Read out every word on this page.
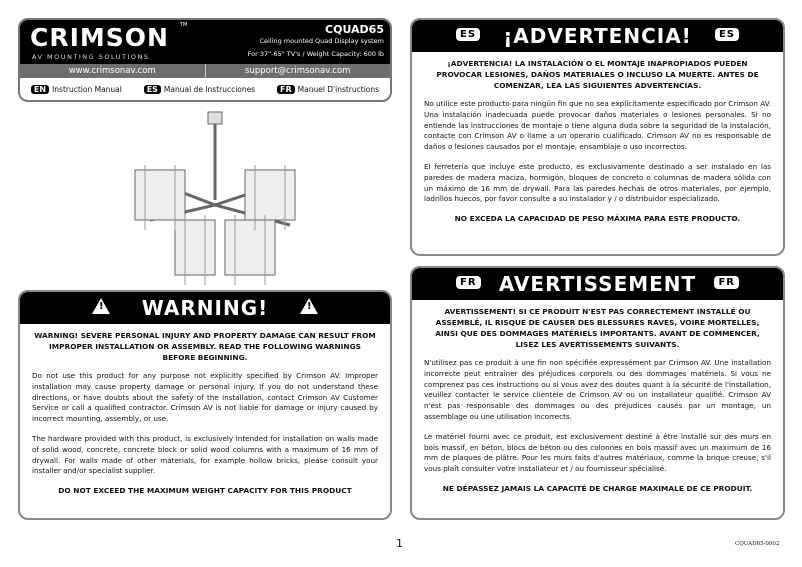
CRIMSON TM
AV MOUNTING SOLUTIONS
CQUAD65
Ceiling mounted Quad Display system
For 37"-65" TV's / Weight Capacity: 600 lb
www.crimsonav.com	support@crimsonav.com
EN Instruction Manual	ES Manual de Instrucciones	FR Manuel D'instructions
! WARNING!	!
WARNING! SEVERE PERSONAL INJURY AND PROPERTY DAMAGE CAN RESULT FROM IMPROPER INSTALLATION OR ASSEMBLY. READ THE FOLLOWING WARNINGS BEFORE BEGINNING.

Do not use this product for any purpose not explicitly specified by Crimson AV. Improper installation may cause property damage or personal injury. If you do not understand these directions, or have doubts about the safety of the installation, contact Crimson AV Customer Service or call a qualified contractor. Crimson AV is not liable for damage or injury caused by incorrect mounting, assembly, or use.

The hardware provided with this product, is exclusively intended for installation on walls made of solid wood, concrete, concrete block or solid wood columns with a maximum of 16 mm of drywall. For walls made of other materials, for example hollow bricks, please consult your installer and/or specialist supplier.

DO NOT EXCEED THE MAXIMUM WEIGHT CAPACITY FOR THIS PRODUCT
ES ¡ADVERTENCIA!	ES
¡ADVERTENCIA! LA INSTALACIÓN O EL MONTAJE INAPROPIADOS PUEDEN PROVOCAR LESIONES, DAÑOS MATERIALES O INCLUSO LA MUERTE. ANTES DE COMENZAR, LEA LAS SIGUIENTES ADVERTENCIAS.

No utilice este producto para ningún fin que no sea explícitamente especificado por Crimson AV. Una instalación inadecuada puede provocar daños materiales o lesiones personales. Si no entiende las instrucciones de montaje o tiene alguna duda sobre la seguridad de la instalación, contacte con Crimson AV o llame a un operario cualificado. Crimson AV no es responsable de daños o lesiones causados por el montaje, ensamblaje o uso incorrectos.

El ferretería que incluye este producto, es exclusivamente destinado a ser instalado en las paredes de madera maciza, hormigón, bloques de concreto o columnas de madera sólida con un máximo de 16 mm de drywall. Para las paredes hechas de otros materiales, por ejemplo, ladrillos huecos, por favor consulte a su instalador y / o distribuidor especializado.

NO EXCEDA LA CAPACIDAD DE PESO MÁXIMA PARA ESTE PRODUCTO.
FR AVERTISSEMENT	FR
AVERTISSEMENT! SI CE PRODUIT N'EST PAS CORRECTEMENT INSTALLÉ OU ASSEMBLÉ, IL RISQUE DE CAUSER DES BLESSURES RAVES, VOIRE MORTELLES, AINSI QUE DES DOMMAGES MATÉRIELS IMPORTANTS. AVANT DE COMMENCER, LISEZ LES AVERTISSEMENTS SUIVANTS.

N'utilisez pas ce produit à une fin non spécifiée expressément par Crimson AV. Une installation incorrecte peut entraîner des préjudices corporels ou des dommages matériels. Si vous ne comprenez pas ces instructions ou si vous avez des doutes quant à la sécurité de l'installation, veuillez contacter le service clientèle de Crimson AV ou un installateur qualifié. Crimson AV n'est pas responsable des dommages ou des préjudices causés par un montage, un assemblage ou une utilisation incorrects.

Le matériel fourni avec ce produit, est exclusivement destiné à être installé sur des murs en bois massif, en béton, blocs de béton ou des colonnes en bois massif avec un maximum de 16 mm de plaques de plâtre. Pour les murs faits d'autres matériaux, comme la brique creuse, s'il vous plaît consulter votre installateur et / ou fournisseur spécialisé.

NE DÉPASSEZ JAMAIS LA CAPACITÉ DE CHARGE MAXIMALE DE CE PRODUIT.
1	CQUAD65-0002
